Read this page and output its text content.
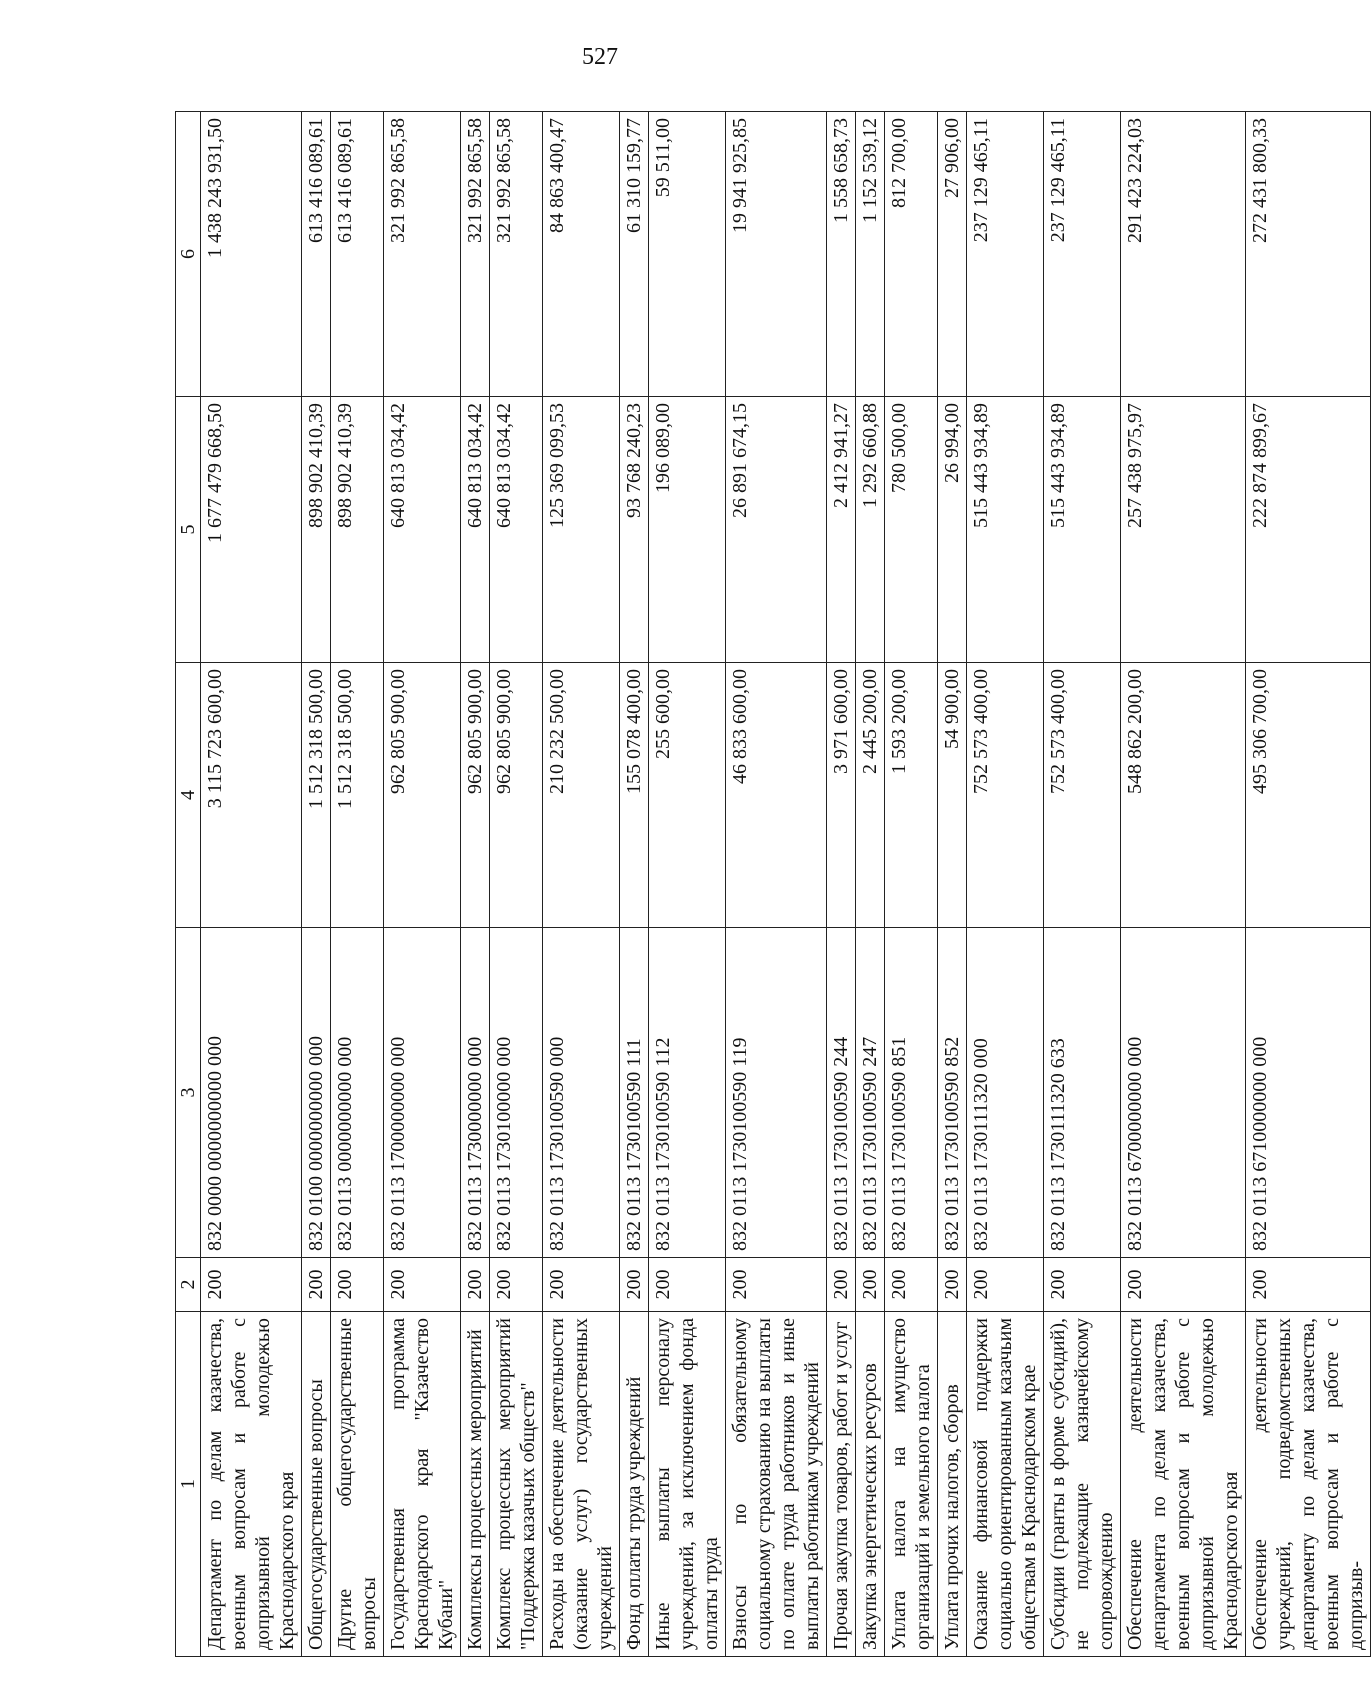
527
1	2	3	4	5	6
Департамент по делам казачества, военным вопросам и работе с допризывной молодежью Краснодарского края	200	832 0000 0000000000 000	3 115 723 600,00	1 677 479 668,50	1 438 243 931,50
Общегосударственные вопросы	200	832 0100 0000000000 000	1 512 318 500,00	898 902 410,39	613 416 089,61
Другие общегосударственные вопросы	200	832 0113 0000000000 000	1 512 318 500,00	898 902 410,39	613 416 089,61
Государственная программа Краснодарского края "Казачество Кубани"	200	832 0113 1700000000 000	962 805 900,00	640 813 034,42	321 992 865,58
Комплексы процессных мероприятий	200	832 0113 1730000000 000	962 805 900,00	640 813 034,42	321 992 865,58
Комплекс процессных мероприятий "Поддержка казачьих обществ"	200	832 0113 1730100000 000	962 805 900,00	640 813 034,42	321 992 865,58
Расходы на обеспечение деятельности (оказание услуг) государственных учреждений	200	832 0113 1730100590 000	210 232 500,00	125 369 099,53	84 863 400,47
Фонд оплаты труда учреждений	200	832 0113 1730100590 111	155 078 400,00	93 768 240,23	61 310 159,77
Иные выплаты персоналу учреждений, за исключением фонда оплаты труда	200	832 0113 1730100590 112	255 600,00	196 089,00	59 511,00
Взносы по обязательному социальному страхованию на выплаты по оплате труда работников и иные выплаты работникам учреждений	200	832 0113 1730100590 119	46 833 600,00	26 891 674,15	19 941 925,85
Прочая закупка товаров, работ и услуг	200	832 0113 1730100590 244	3 971 600,00	2 412 941,27	1 558 658,73
Закупка энергетических ресурсов	200	832 0113 1730100590 247	2 445 200,00	1 292 660,88	1 152 539,12
Уплата налога на имущество организаций и земельного налога	200	832 0113 1730100590 851	1 593 200,00	780 500,00	812 700,00
Уплата прочих налогов, сборов	200	832 0113 1730100590 852	54 900,00	26 994,00	27 906,00
Оказание финансовой поддержки социально ориентированным казачьим обществам в Краснодарском крае	200	832 0113 1730111320 000	752 573 400,00	515 443 934,89	237 129 465,11
Субсидии (гранты в форме субсидий), не подлежащие казначейскому сопровождению	200	832 0113 1730111320 633	752 573 400,00	515 443 934,89	237 129 465,11
Обеспечение деятельности департамента по делам казачества, военным вопросам и работе с допризывной молодежью Краснодарского края	200	832 0113 6700000000 000	548 862 200,00	257 438 975,97	291 423 224,03
Обеспечение деятельности учреждений, подведомственных департаменту по делам казачества, военным вопросам и работе с допризыв-	200	832 0113 6710000000 000	495 306 700,00	222 874 899,67	272 431 800,33
